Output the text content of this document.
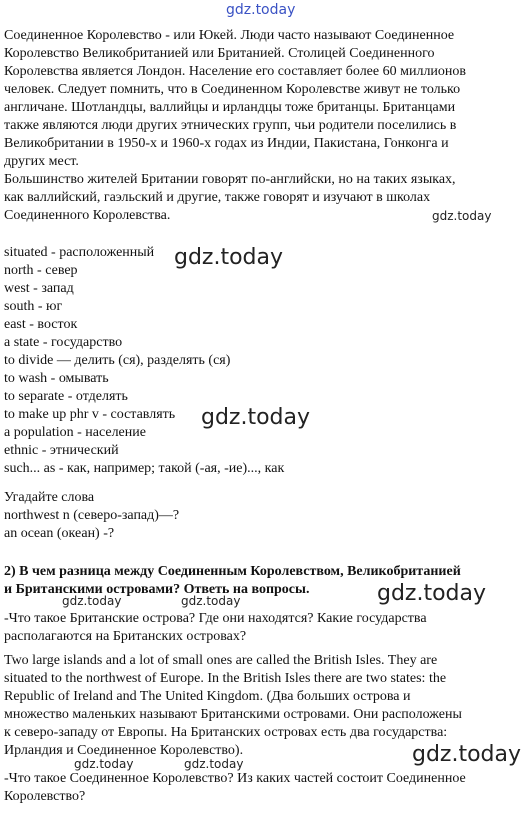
gdz.today
Соединенное Королевство - или Юкей. Люди часто называют Соединенное
Королевство Великобританией или Британией. Столицей Соединенного
Королевства является Лондон. Население его составляет более 60 миллионов
человек. Следует помнить, что в Соединенном Королевстве живут не только
англичане. Шотландцы, валлийцы и ирландцы тоже британцы. Британцами
также являются люди других этнических групп, чьи родители поселились в
Великобритании в 1950-х и 1960-х годах из Индии, Пакистана, Гонконга и
других мест.
Большинство жителей Британии говорят по-английски, но на таких языках,
как валлийский, гаэльский и другие, также говорят и изучают в школах
Соединенного Королевства.	gdz.today
situated - расположенный
north - север
west - запад
south - юг
east - восток
a state - государство
to divide — делить (ся), разделять (ся)
to wash - омывать
to separate - отделять
to make up phr v - составлять
a population - население
ethnic - этнический
such... as - как, например; такой (-ая, -ие)..., как
gdz.today
gdz.today
Угадайте слова
northwest n (северо-запад)—?
an ocean (океан) -?
2) В чем разница между Соединенным Королевством, Великобританией
и Британскими островами? Ответь на вопросы.
gdz.today	gdz.today	gdz.today
-Что такое Британские острова? Где они находятся? Какие государства
располагаются на Британских островах?
Two large islands and a lot of small ones are called the British Isles. They are
situated to the northwest of Europe. In the British Isles there are two states: the
Republic of Ireland and The United Kingdom. (Два больших острова и
множество маленьких называют Британскими островами. Они расположены
к северо-западу от Европы. На Британских островах есть два государства:
Ирландия и Соединенное Королевство).	gdz.today
gdz.today	gdz.today
-Что такое Соединенное Королевство? Из каких частей состоит Соединенное
Королевство?
